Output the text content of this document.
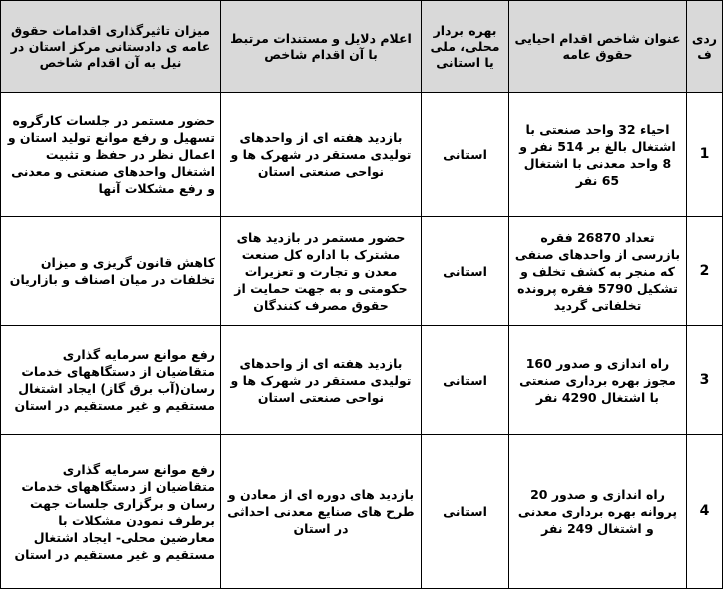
ردی ف	عنوان شاخص اقدام احیایی حقوق عامه	بهره بردار محلی، ملی یا استانی	اعلام دلایل و مستندات مرتبط با آن اقدام شاخص	میزان تاثیرگذاری اقدامات حقوق عامه ی دادستانی مرکز استان در نیل به آن اقدام شاخص
1	احیاء 32 واحد صنعتی با اشتغال بالغ بر 514 نفر و 8 واحد معدنی با اشتغال 65 نفر	استانی	بازدید هفته ای از واحدهای تولیدی مستقر در شهرک ها و نواحی صنعتی استان	حضور مستمر در جلسات کارگروه تسهیل و رفع موانع تولید استان و اعمال نظر در حفظ و تثبیت اشتغال واحدهای صنعتی و معدنی و رفع مشکلات آنها
2	تعداد 26870 فقره بازرسی از واحدهای صنفی که منجر به کشف تخلف و تشکیل 5790 فقره پرونده تخلفاتی گردید	استانی	حضور مستمر در بازدید های مشترک با اداره کل صنعت معدن و تجارت و تعزیرات حکومتی و به جهت حمایت از حقوق مصرف کنندگان	کاهش قانون گریزی و میزان تخلفات در میان اصناف و بازاریان
3	راه اندازی و صدور 160 مجوز بهره برداری صنعتی با اشتغال 4290 نفر	استانی	بازدید هفته ای از واحدهای تولیدی مستقر در شهرک ها و نواحی صنعتی استان	رفع موانع سرمایه گذاری متقاضیان از دستگاههای خدمات رسان(آب برق گاز) ایجاد اشتغال مستقیم و غیر مستقیم در استان
4	راه اندازی و صدور 20 پروانه بهره برداری معدنی و اشتغال 249 نفر	استانی	بازدید های دوره ای از معادن و طرح های صنایع معدنی احداثی در استان	رفع موانع سرمایه گذاری متقاضیان از دستگاههای خدمات رسان و برگزاری جلسات جهت برطرف نمودن مشکلات با معارضین محلی- ایجاد اشتغال مستقیم و غیر مستقیم در استان
